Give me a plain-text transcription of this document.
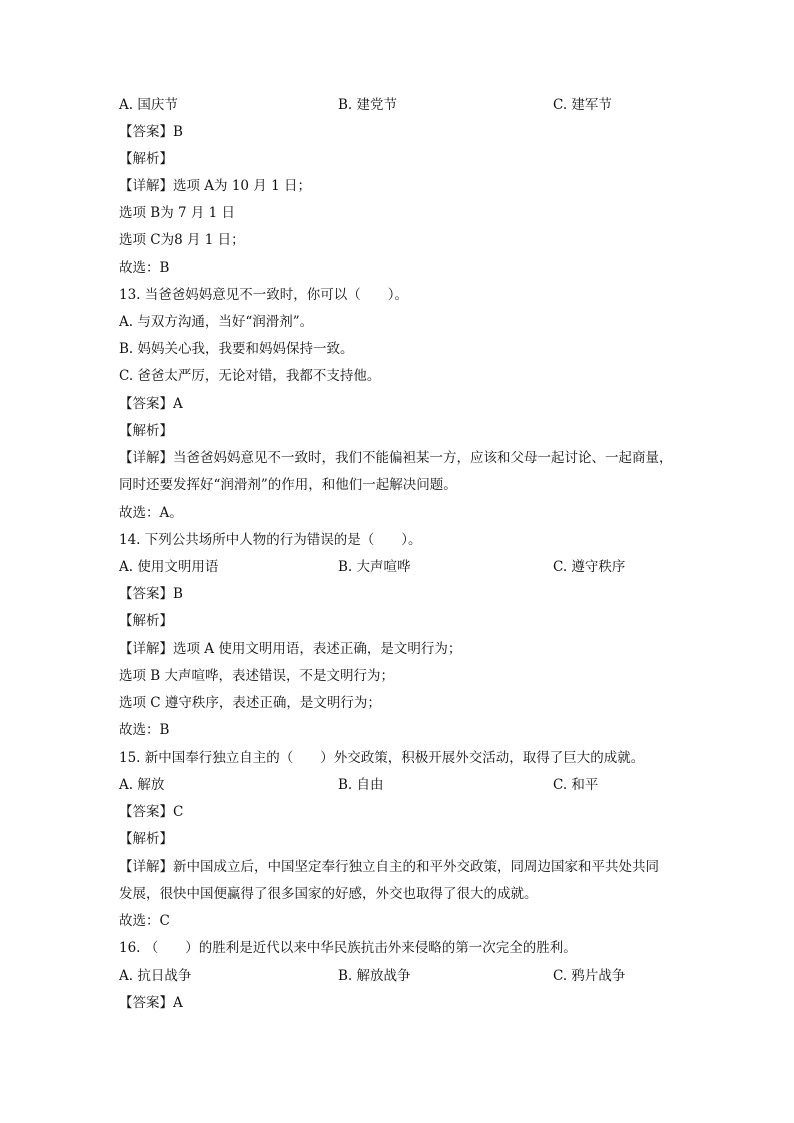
A. 国庆节	B. 建党节	C. 建军节
【答案】B
【解析】
【详解】选项 A为 10 月 1 日；
选项 B为 7 月 1 日
选项 C为8 月 1 日；
故选：B
13. 当爸爸妈妈意见不一致时，你可以（　　）。
A. 与双方沟通，当好“润滑剂”。
B. 妈妈关心我，我要和妈妈保持一致。
C. 爸爸太严厉，无论对错，我都不支持他。
【答案】A
【解析】
【详解】当爸爸妈妈意见不一致时，我们不能偏袒某一方，应该和父母一起讨论、一起商量，
同时还要发挥好“润滑剂”的作用，和他们一起解决问题。
故选：A。
14. 下列公共场所中人物的行为错误的是（　　）。
A. 使用文明用语	B. 大声喧哗	C. 遵守秩序
【答案】B
【解析】
【详解】选项 A 使用文明用语，表述正确，是文明行为；
选项 B 大声喧哗，表述错误，不是文明行为；
选项 C 遵守秩序，表述正确，是文明行为；
故选：B
15. 新中国奉行独立自主的（　　）外交政策，积极开展外交活动，取得了巨大的成就。
A. 解放	B. 自由	C. 和平
【答案】C
【解析】
【详解】新中国成立后，中国坚定奉行独立自主的和平外交政策，同周边国家和平共处共同
发展，很快中国便赢得了很多国家的好感，外交也取得了很大的成就。
故选：C
16. （　　）的胜利是近代以来中华民族抗击外来侵略的第一次完全的胜利。
A. 抗日战争	B. 解放战争	C. 鸦片战争
【答案】A
